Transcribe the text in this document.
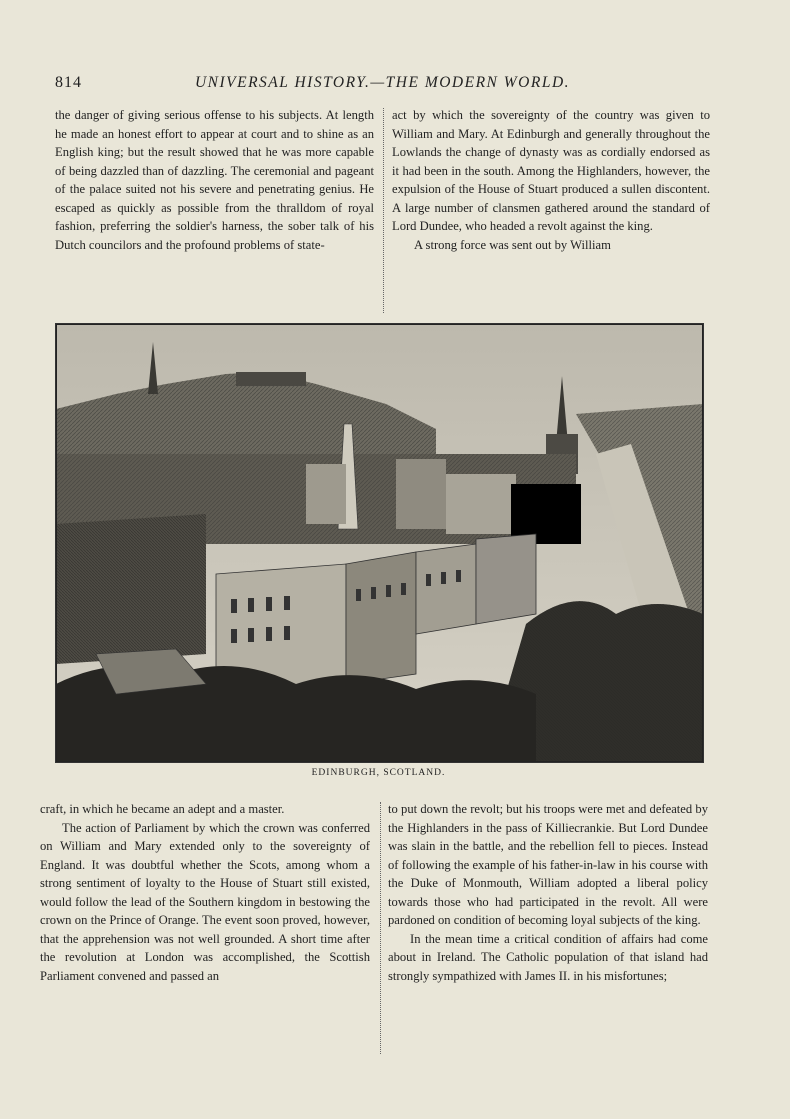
814	UNIVERSAL HISTORY.—THE MODERN WORLD.

the danger of giving serious offense to his subjects. At length he made an honest effort to appear at court and to shine as an English king; but the result showed that he was more capable of being dazzled than of dazzling. The ceremonial and pageant of the palace suited not his severe and penetrating genius. He escaped as quickly as possible from the thralldom of royal fashion, preferring the soldier's harness, the sober talk of his Dutch councilors and the profound problems of state-

act by which the sovereignty of the country was given to William and Mary. At Edinburgh and generally throughout the Lowlands the change of dynasty was as cordially endorsed as it had been in the south. Among the Highlanders, however, the expulsion of the House of Stuart produced a sullen discontent. A large number of clansmen gathered around the standard of Lord Dundee, who headed a revolt against the king.

A strong force was sent out by William

EDINBURGH, SCOTLAND.

craft, in which he became an adept and a master.

The action of Parliament by which the crown was conferred on William and Mary extended only to the sovereignty of England. It was doubtful whether the Scots, among whom a strong sentiment of loyalty to the House of Stuart still existed, would follow the lead of the Southern kingdom in bestowing the crown on the Prince of Orange. The event soon proved, however, that the apprehension was not well grounded. A short time after the revolution at London was accomplished, the Scottish Parliament convened and passed an

to put down the revolt; but his troops were met and defeated by the Highlanders in the pass of Killiecrankie. But Lord Dundee was slain in the battle, and the rebellion fell to pieces. Instead of following the example of his father-in-law in his course with the Duke of Monmouth, William adopted a liberal policy towards those who had participated in the revolt. All were pardoned on condition of becoming loyal subjects of the king.

In the mean time a critical condition of affairs had come about in Ireland. The Catholic population of that island had strongly sympathized with James II. in his misfortunes;
